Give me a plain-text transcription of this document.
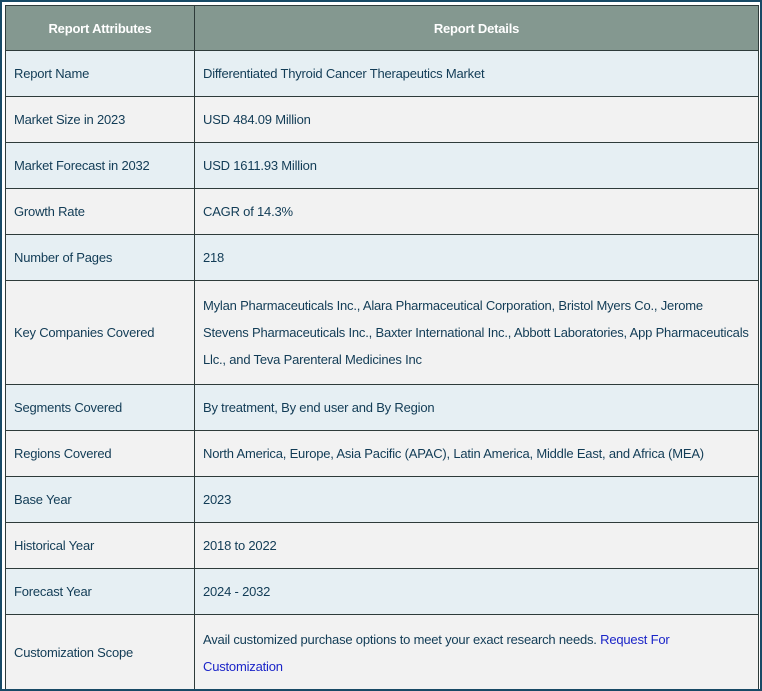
Report Attributes	Report Details
Report Name	Differentiated Thyroid Cancer Therapeutics Market
Market Size in 2023	USD 484.09 Million
Market Forecast in 2032	USD 1611.93 Million
Growth Rate	CAGR of 14.3%
Number of Pages	218
Key Companies Covered	Mylan Pharmaceuticals Inc., Alara Pharmaceutical Corporation, Bristol Myers Co., Jerome Stevens Pharmaceuticals Inc., Baxter International Inc., Abbott Laboratories, App Pharmaceuticals Llc., and Teva Parenteral Medicines Inc
Segments Covered	By treatment, By end user and By Region
Regions Covered	North America, Europe, Asia Pacific (APAC), Latin America, Middle East, and Africa (MEA)
Base Year	2023
Historical Year	2018 to 2022
Forecast Year	2024 - 2032
Customization Scope	Avail customized purchase options to meet your exact research needs. Request For Customization
